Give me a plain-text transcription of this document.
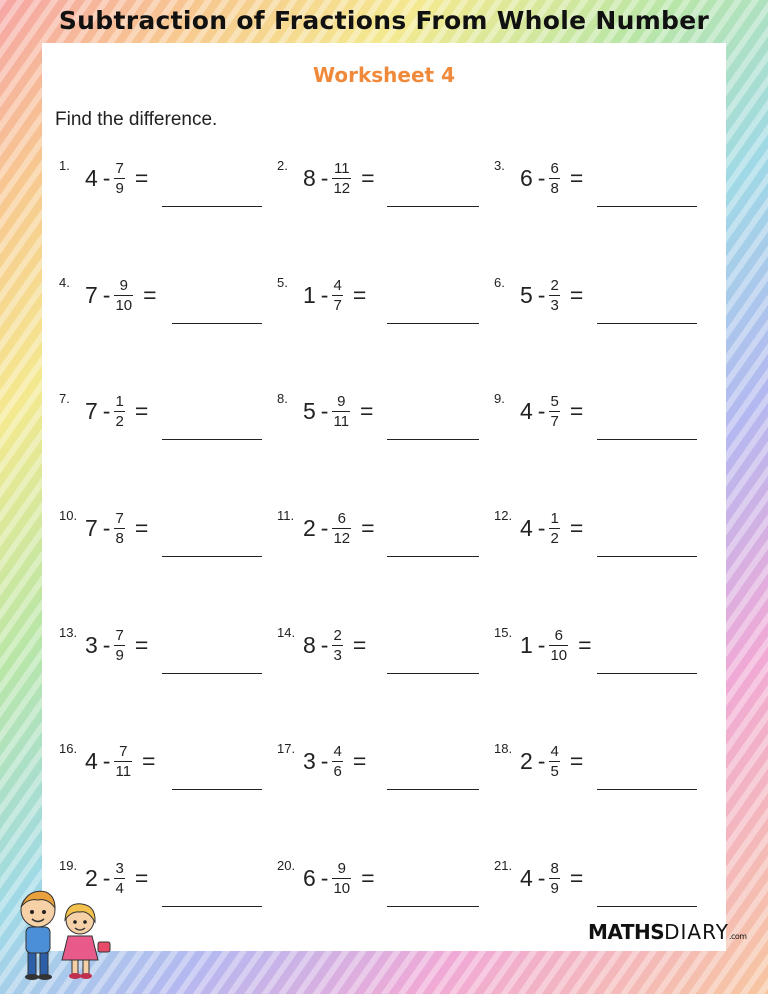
Subtraction of Fractions From Whole Number
Worksheet 4
Find the difference.
1. $4 - \frac{7}{9}$ =	2. $8 - \frac{11}{12}$ =	3. $6 - \frac{6}{8}$ =
4. $7 - \frac{9}{10}$ =	5. $1 - \frac{4}{7}$ =	6. $5 - \frac{2}{3}$ =
7. $7 - \frac{1}{2}$ =	8. $5 - \frac{9}{11}$ =	9. $4 - \frac{5}{7}$ =
10. $7 - \frac{7}{8}$ =	11. $2 - \frac{6}{12}$ =	12. $4 - \frac{1}{2}$ =
13. $3 - \frac{7}{9}$ =	14. $8 - \frac{2}{3}$ =	15. $1 - \frac{6}{10}$ =
16. $4 - \frac{7}{11}$ =	17. $3 - \frac{4}{6}$ =	18. $2 - \frac{4}{5}$ =
19. $2 - \frac{3}{4}$ =	20. $6 - \frac{9}{10}$ =	21. $4 - \frac{8}{9}$ =
MATHSDIARY.com
